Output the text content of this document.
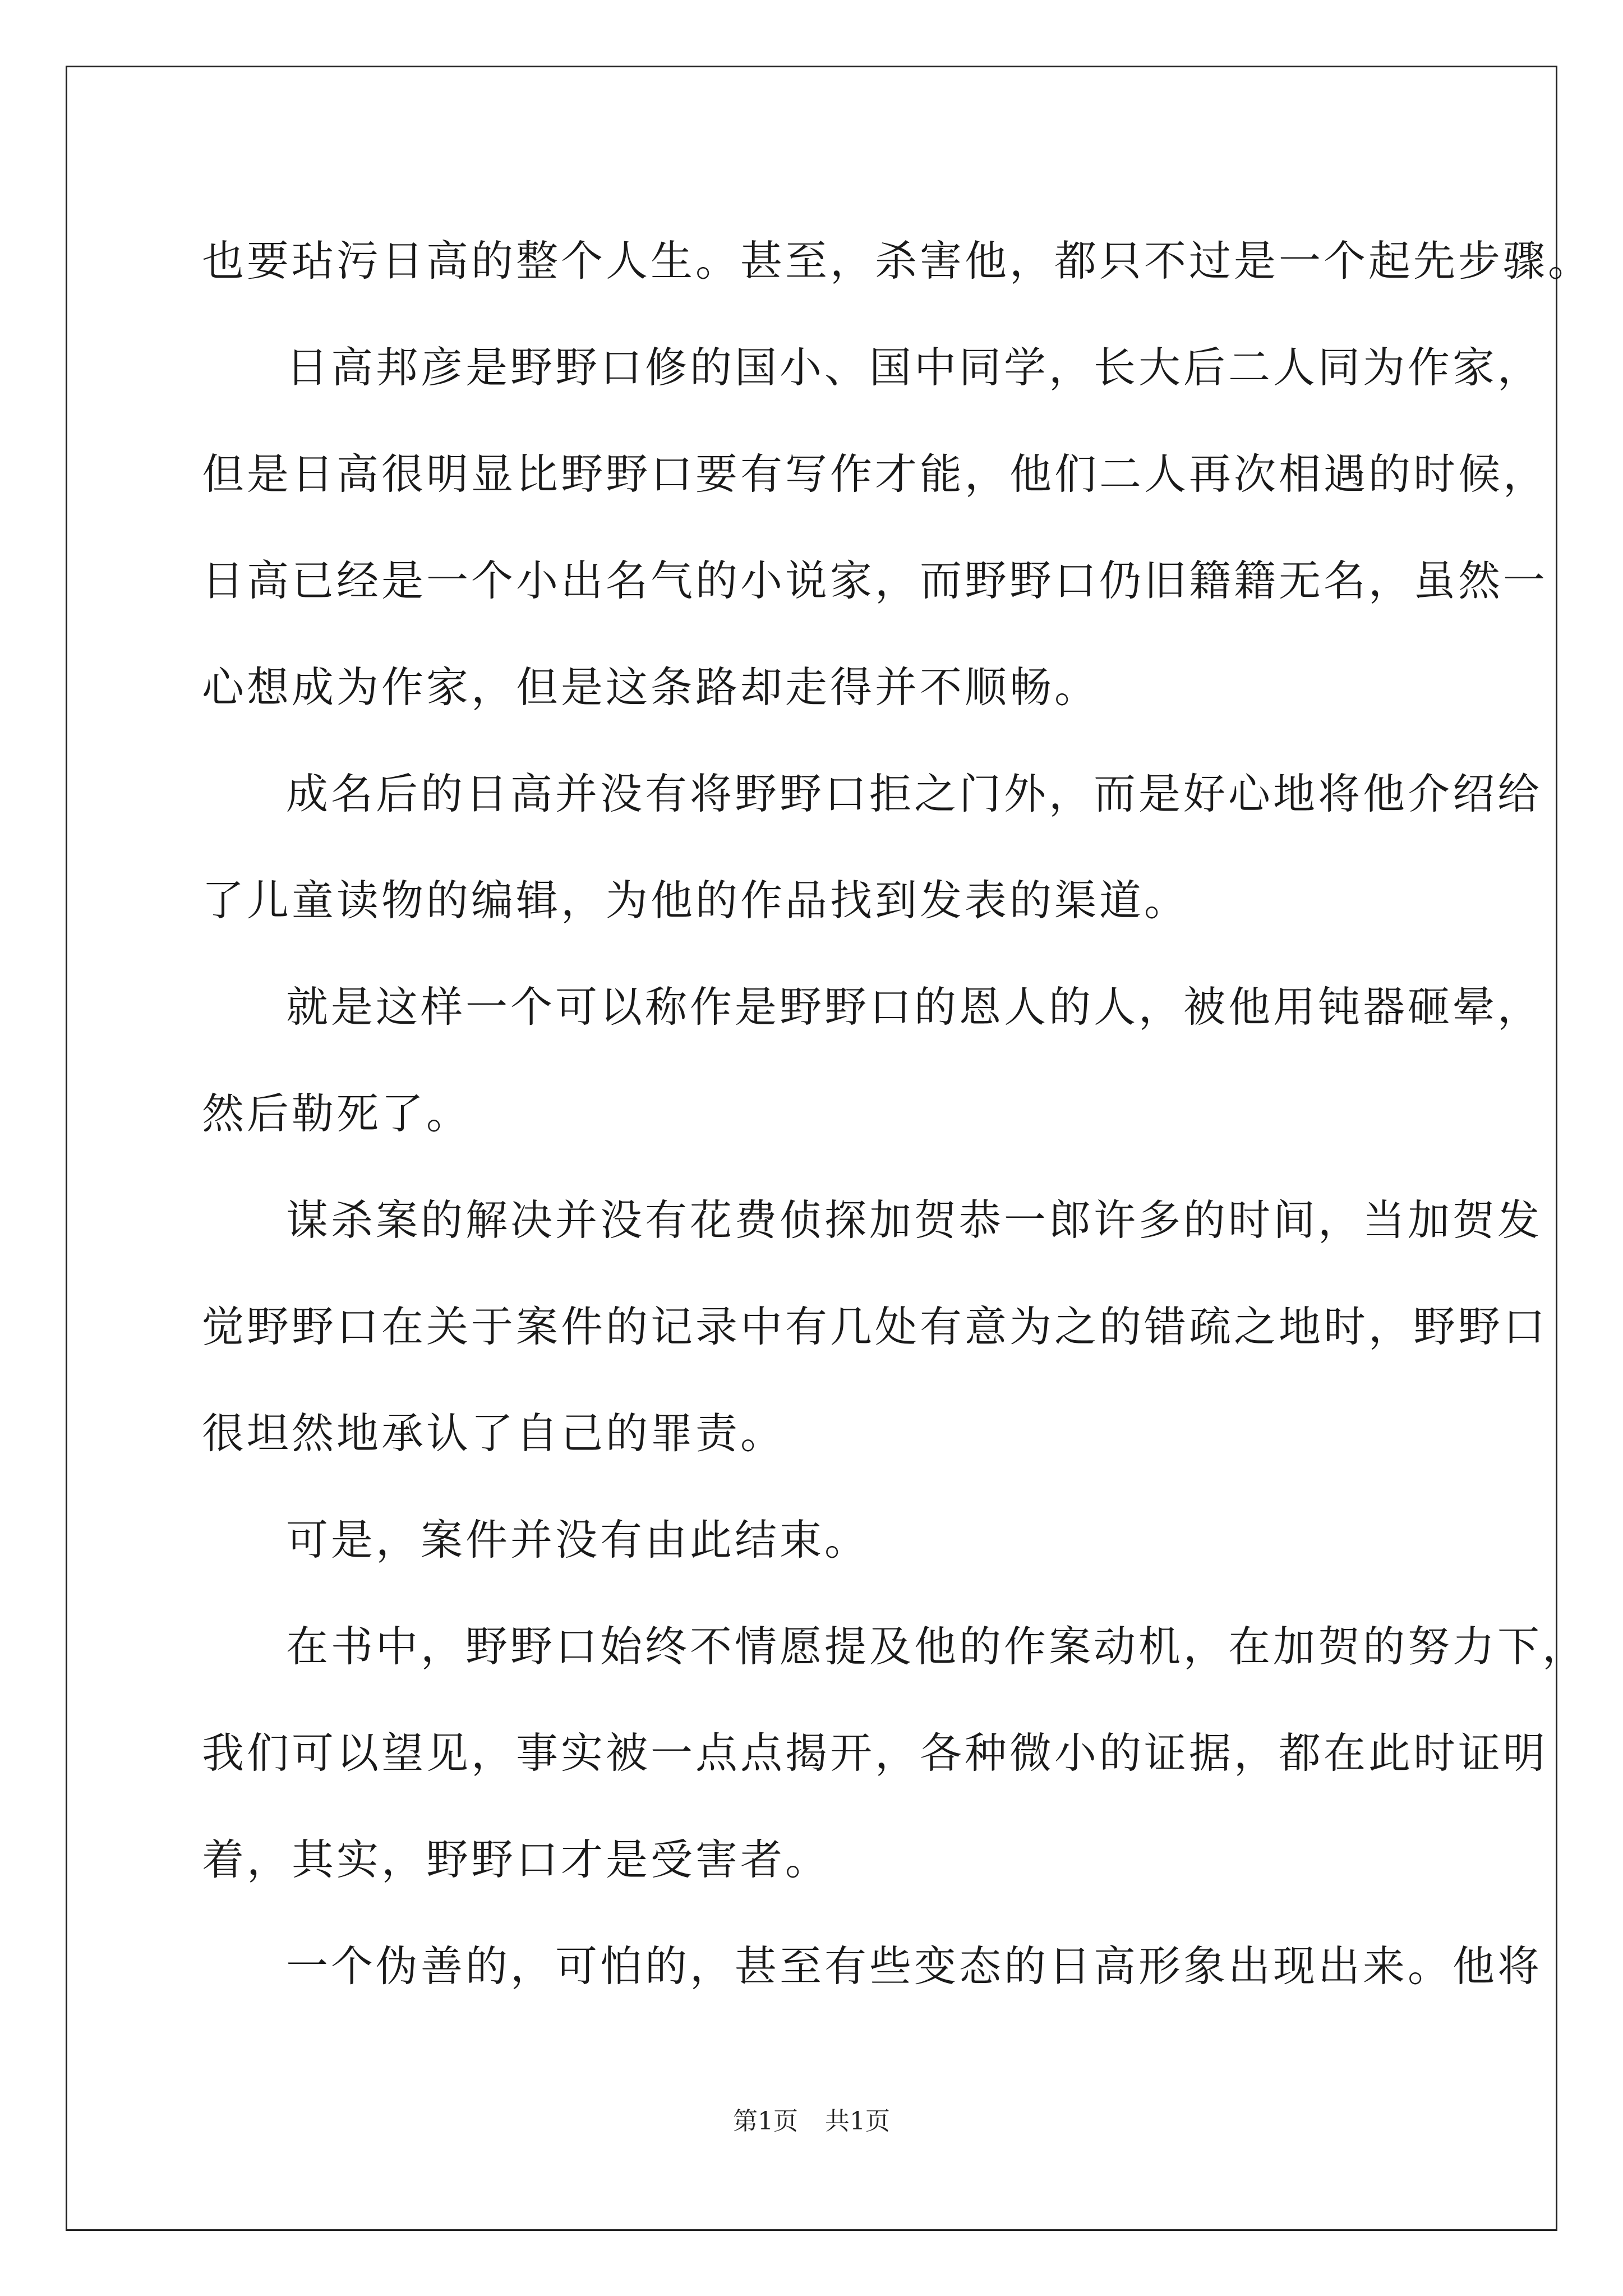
也要玷污日高的整个人生。甚至，杀害他，都只不过是一个起先步骤。
日高邦彦是野野口修的国小、国中同学，长大后二人同为作家，
但是日高很明显比野野口要有写作才能，他们二人再次相遇的时候，
日高已经是一个小出名气的小说家，而野野口仍旧籍籍无名，虽然一
心想成为作家，但是这条路却走得并不顺畅。
成名后的日高并没有将野野口拒之门外，而是好心地将他介绍给
了儿童读物的编辑，为他的作品找到发表的渠道。
就是这样一个可以称作是野野口的恩人的人，被他用钝器砸晕，
然后勒死了。
谋杀案的解决并没有花费侦探加贺恭一郎许多的时间，当加贺发
觉野野口在关于案件的记录中有几处有意为之的错疏之地时，野野口
很坦然地承认了自己的罪责。
可是，案件并没有由此结束。
在书中，野野口始终不情愿提及他的作案动机，在加贺的努力下，
我们可以望见，事实被一点点揭开，各种微小的证据，都在此时证明
着，其实，野野口才是受害者。
一个伪善的，可怕的，甚至有些变态的日高形象出现出来。他将
第1页 共1页
